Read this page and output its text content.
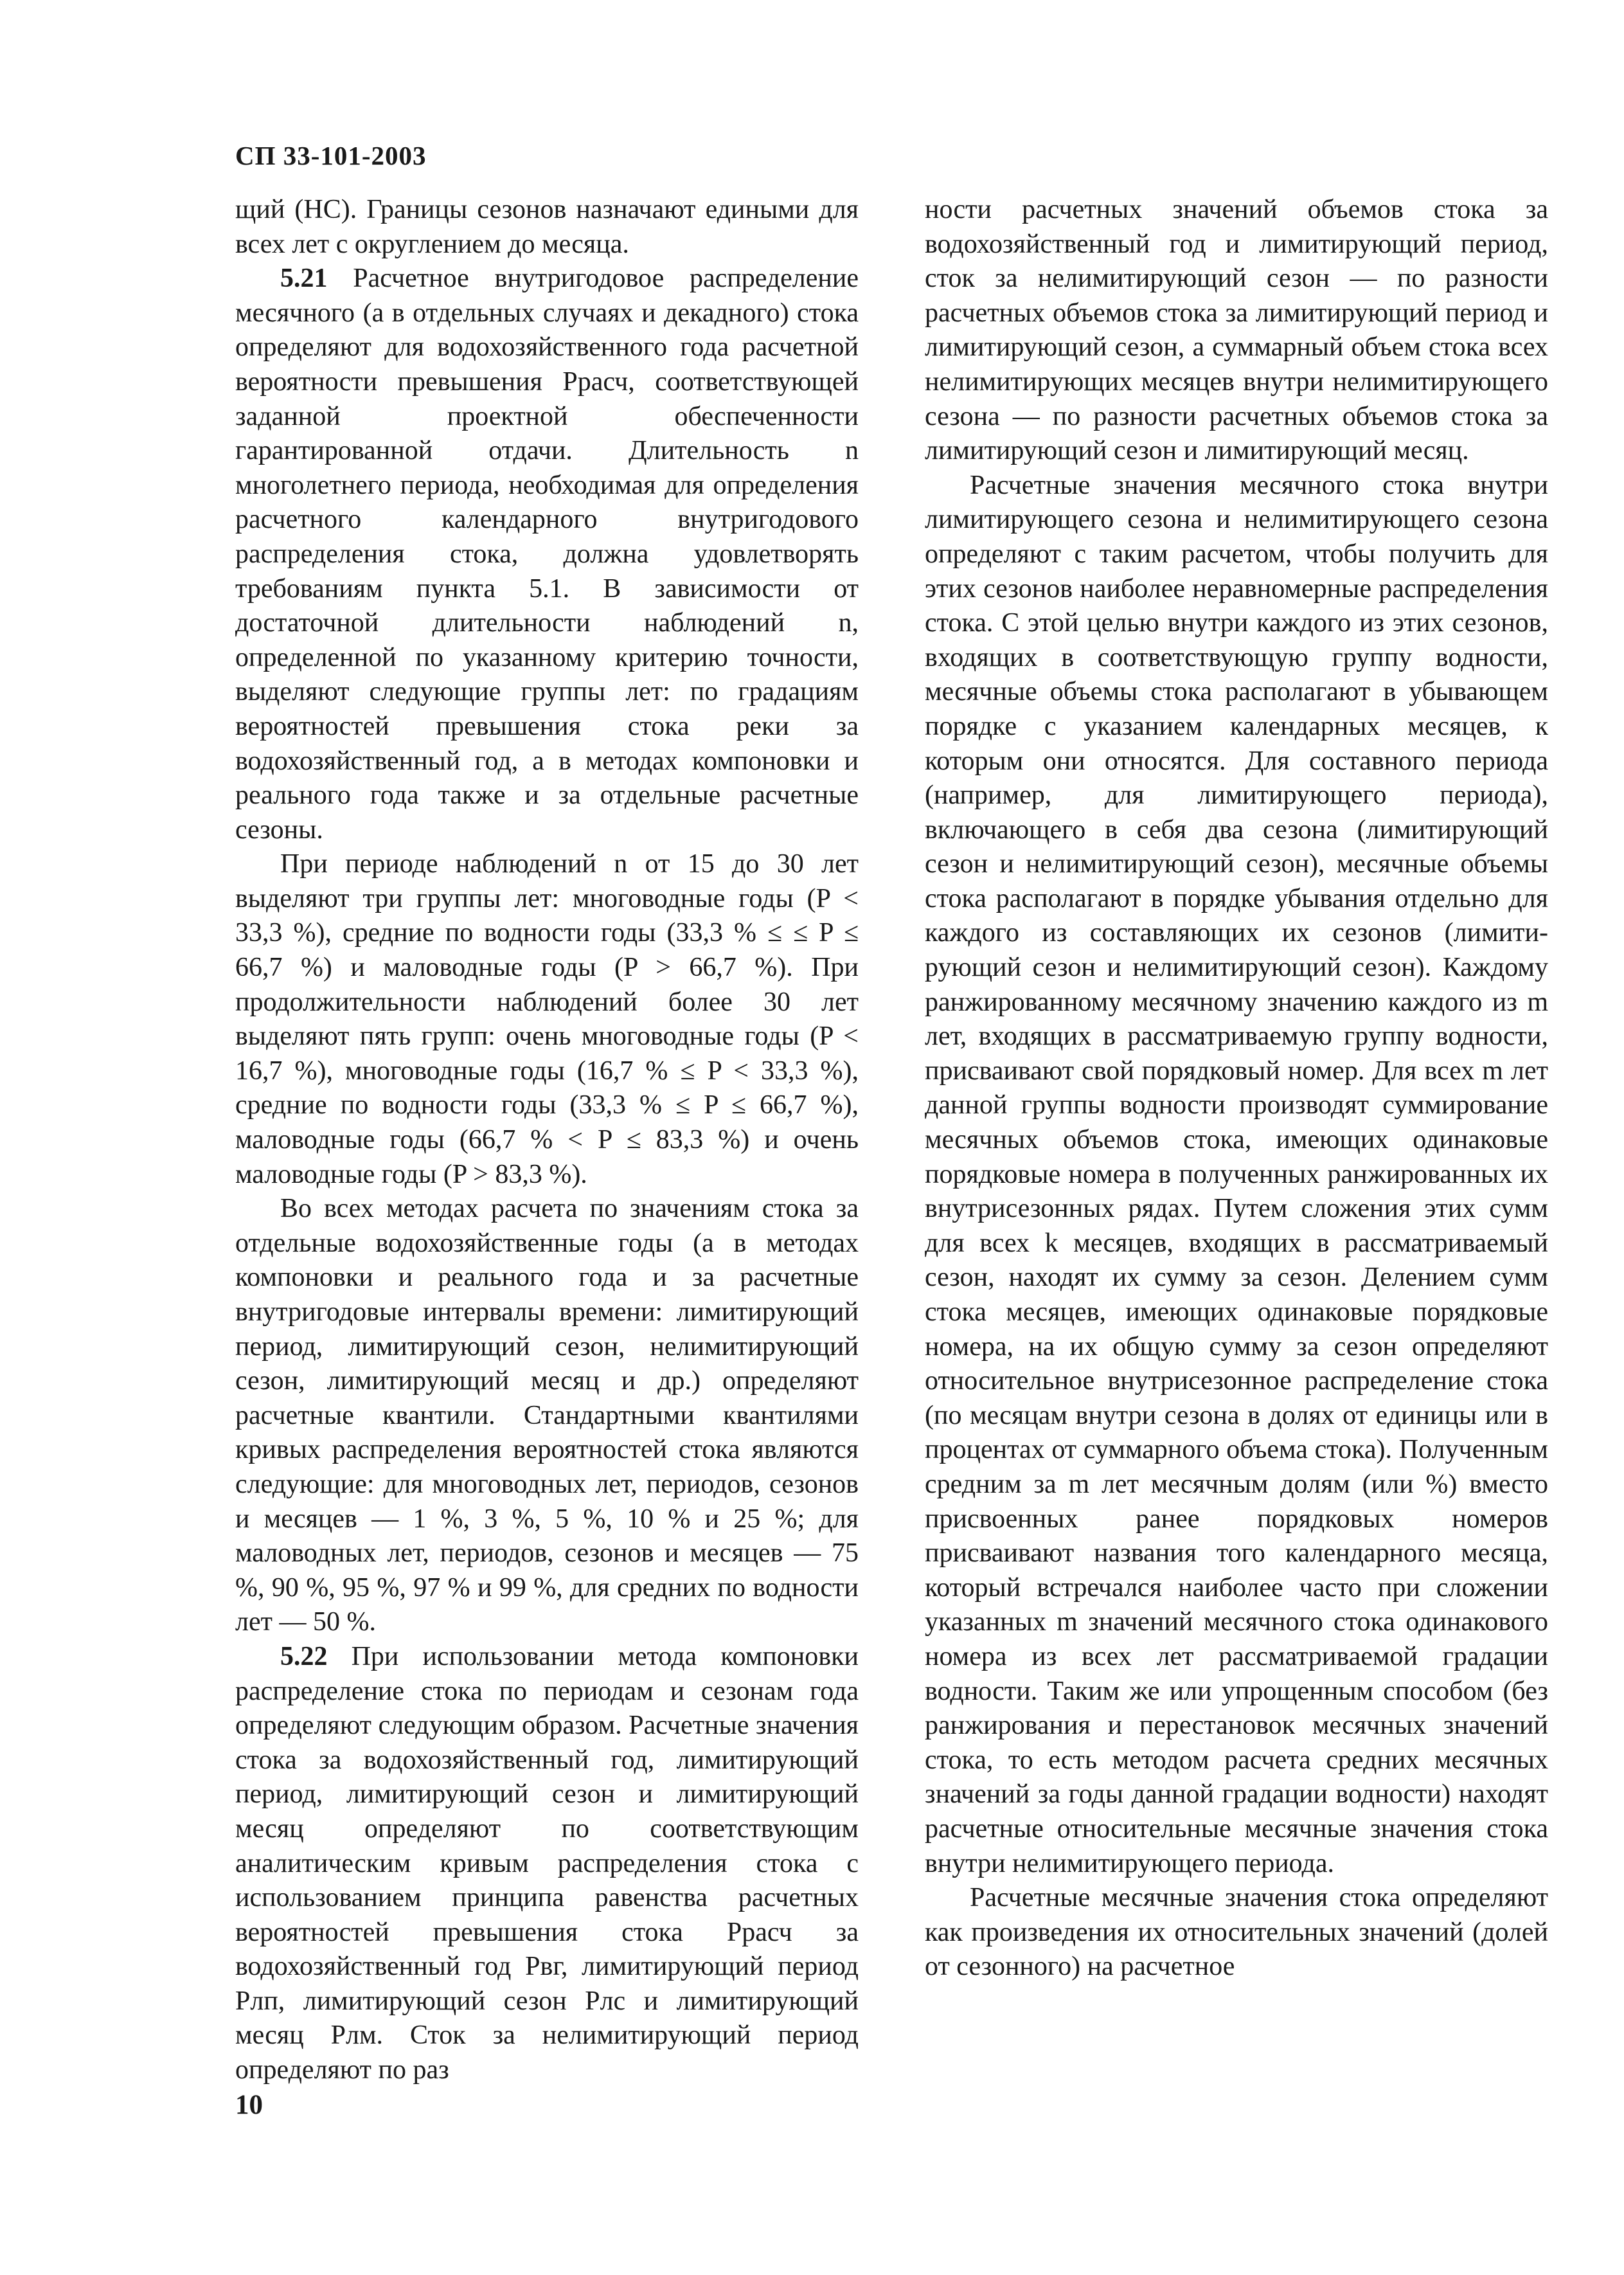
СП 33-101-2003

щий (НС). Границы сезонов назначают едиными для всех лет с округлением до месяца.

5.21 Расчетное внутригодовое распределение месячного (а в отдельных случаях и декадного) стока определяют для водохозяйственного года расчетной вероятности превышения Pрасч, соответствующей заданной проектной обеспеченности гарантированной отдачи. Длительность n многолетнего периода, необходимая для определения расчетного календарного внутригодового распределения стока, должна удовлетворять требованиям пункта 5.1. В зависимости от достаточной длительности наблюдений n, определенной по указанному критерию точности, выделяют следующие группы лет: по градациям вероятностей превышения стока реки за водохозяйственный год, а в методах компоновки и реального года также и за отдельные расчетные сезоны.

При периоде наблюдений n от 15 до 30 лет выделяют три группы лет: многоводные годы (P < 33,3 %), средние по водности годы (33,3 % ≤ ≤ P ≤ 66,7 %) и маловодные годы (P > 66,7 %). При продолжительности наблюдений более 30 лет выделяют пять групп: очень многоводные годы (P < 16,7 %), многоводные годы (16,7 % ≤ P < 33,3 %), средние по водности годы (33,3 % ≤ P ≤ 66,7 %), маловодные годы (66,7 % < P ≤ 83,3 %) и очень маловодные годы (P > 83,3 %).

Во всех методах расчета по значениям стока за отдельные водохозяйственные годы (а в методах компоновки и реального года и за расчетные внутригодовые интервалы времени: лимитирующий период, лимитирующий сезон, нелимитирующий сезон, лимитирующий месяц и др.) определяют расчетные квантили. Стандартными квантилями кривых распределения вероятностей стока являются следующие: для многоводных лет, периодов, сезонов и месяцев — 1 %, 3 %, 5 %, 10 % и 25 %; для маловодных лет, периодов, сезонов и месяцев — 75 %, 90 %, 95 %, 97 % и 99 %, для средних по водности лет — 50 %.

5.22 При использовании метода компоновки распределение стока по периодам и сезонам года определяют следующим образом. Расчетные значения стока за водохозяйственный год, лимитирующий период, лимитирующий сезон и лимитирующий месяц определяют по соответствующим аналитическим кривым распределения стока с использованием принципа равенства расчетных вероятностей превышения стока Pрасч за водохозяйственный год Pвг, лимитирующий период Pлп, лимитирующий сезон Pлс и лимитирующий месяц Pлм. Сток за нелимитирующий период определяют по раз

ности расчетных значений объемов стока за водохозяйственный год и лимитирующий период, сток за нелимитирующий сезон — по разности расчетных объемов стока за лимитирующий период и лимитирующий сезон, а суммарный объем стока всех нелимитирующих месяцев внутри нелимитирующего сезона — по разности расчетных объемов стока за лимитирующий сезон и лимитирующий месяц.

Расчетные значения месячного стока внутри лимитирующего сезона и нелимитирующего сезона определяют с таким расчетом, чтобы получить для этих сезонов наиболее неравномерные распределения стока. С этой целью внутри каждого из этих сезонов, входящих в соответствующую группу водности, месячные объемы стока располагают в убывающем порядке с указанием календарных месяцев, к которым они относятся. Для составного периода (например, для лимитирующего периода), включающего в себя два сезона (лимитирующий сезон и нелимитирующий сезон), месячные объемы стока располагают в порядке убывания отдельно для каждого из составляющих их сезонов (лимитирующий сезон и нелимитирующий сезон). Каждому ранжированному месячному значению каждого из m лет, входящих в рассматриваемую группу водности, присваивают свой порядковый номер. Для всех m лет данной группы водности производят суммирование месячных объемов стока, имеющих одинаковые порядковые номера в полученных ранжированных их внутрисезонных рядах. Путем сложения этих сумм для всех k месяцев, входящих в рассматриваемый сезон, находят их сумму за сезон. Делением сумм стока месяцев, имеющих одинаковые порядковые номера, на их общую сумму за сезон определяют относительное внутрисезонное распределение стока (по месяцам внутри сезона в долях от единицы или в процентах от суммарного объема стока). Полученным средним за m лет месячным долям (или %) вместо присвоенных ранее порядковых номеров присваивают названия того календарного месяца, который встречался наиболее часто при сложении указанных m значений месячного стока одинакового номера из всех лет рассматриваемой градации водности. Таким же или упрощенным способом (без ранжирования и перестановок месячных значений стока, то есть методом расчета средних месячных значений за годы данной градации водности) находят расчетные относительные месячные значения стока внутри нелимитирующего периода.

Расчетные месячные значения стока определяют как произведения их относительных значений (долей от сезонного) на расчетное

10
